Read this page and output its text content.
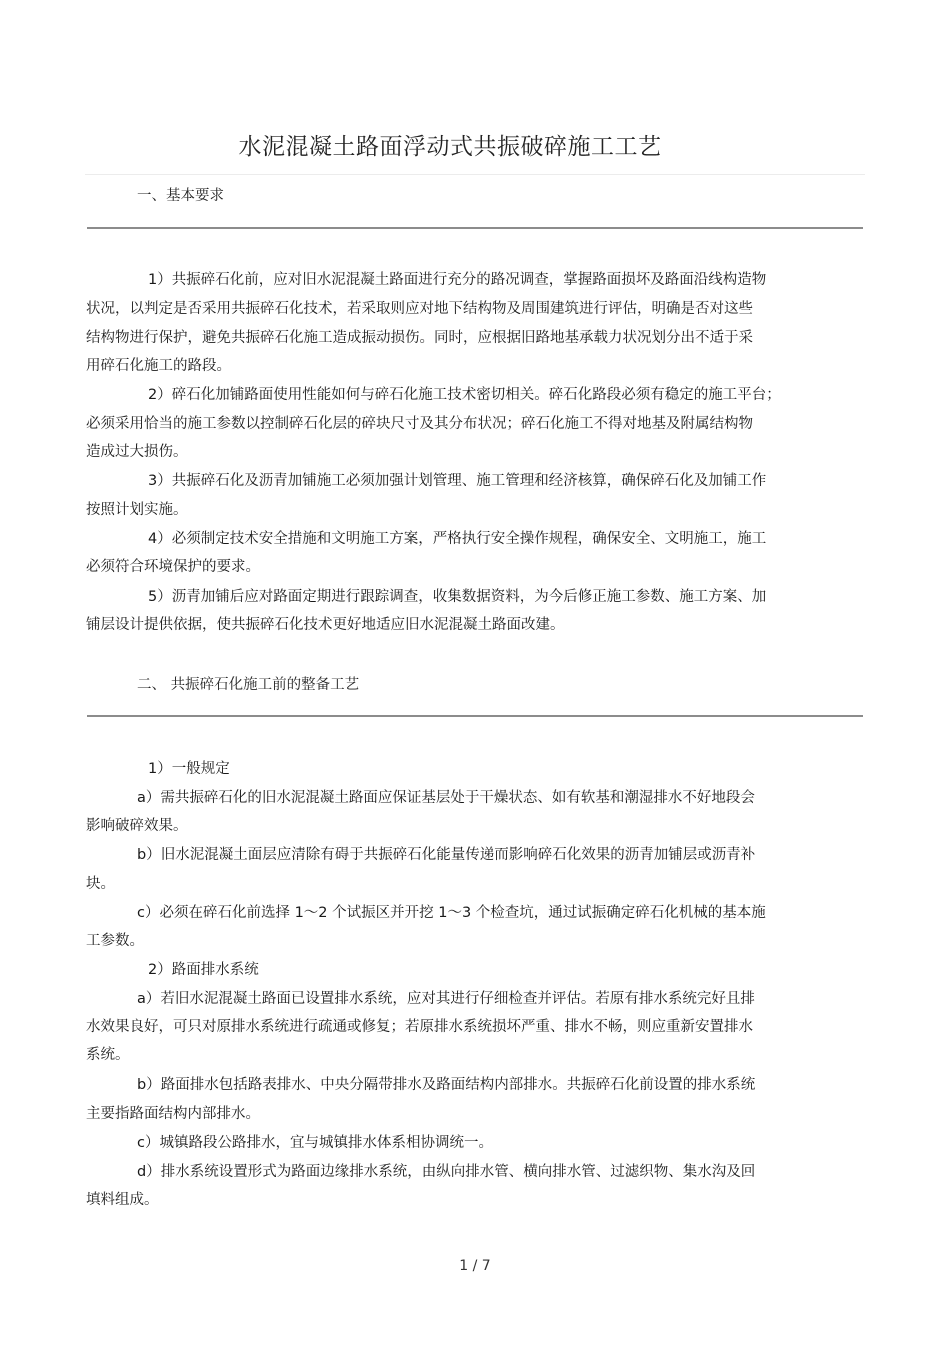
水泥混凝土路面浮动式共振破碎施工工艺
一、基本要求
1）共振碎石化前，应对旧水泥混凝土路面进行充分的路况调查，掌握路面损坏及路面沿线构造物
状况，以判定是否采用共振碎石化技术，若采取则应对地下结构物及周围建筑进行评估，明确是否对这些
结构物进行保护，避免共振碎石化施工造成振动损伤。同时，应根据旧路地基承载力状况划分出不适于采
用碎石化施工的路段。
2）碎石化加铺路面使用性能如何与碎石化施工技术密切相关。碎石化路段必须有稳定的施工平台；
必须采用恰当的施工参数以控制碎石化层的碎块尺寸及其分布状况；碎石化施工不得对地基及附属结构物
造成过大损伤。
3）共振碎石化及沥青加铺施工必须加强计划管理、施工管理和经济核算，确保碎石化及加铺工作
按照计划实施。
4）必须制定技术安全措施和文明施工方案，严格执行安全操作规程，确保安全、文明施工，施工
必须符合环境保护的要求。
5）沥青加铺后应对路面定期进行跟踪调查，收集数据资料，为今后修正施工参数、施工方案、加
铺层设计提供依据，使共振碎石化技术更好地适应旧水泥混凝土路面改建。
二、 共振碎石化施工前的整备工艺
1）一般规定
a）需共振碎石化的旧水泥混凝土路面应保证基层处于干燥状态、如有软基和潮湿排水不好地段会
影响破碎效果。
b）旧水泥混凝土面层应清除有碍于共振碎石化能量传递而影响碎石化效果的沥青加铺层或沥青补
块。
c）必须在碎石化前选择 1～2 个试振区并开挖 1～3 个检查坑，通过试振确定碎石化机械的基本施
工参数。
2）路面排水系统
a）若旧水泥混凝土路面已设置排水系统，应对其进行仔细检查并评估。若原有排水系统完好且排
水效果良好，可只对原排水系统进行疏通或修复；若原排水系统损坏严重、排水不畅，则应重新安置排水
系统。
b）路面排水包括路表排水、中央分隔带排水及路面结构内部排水。共振碎石化前设置的排水系统
主要指路面结构内部排水。
c）城镇路段公路排水，宜与城镇排水体系相协调统一。
d）排水系统设置形式为路面边缘排水系统，由纵向排水管、横向排水管、过滤织物、集水沟及回
填料组成。
1 / 7
